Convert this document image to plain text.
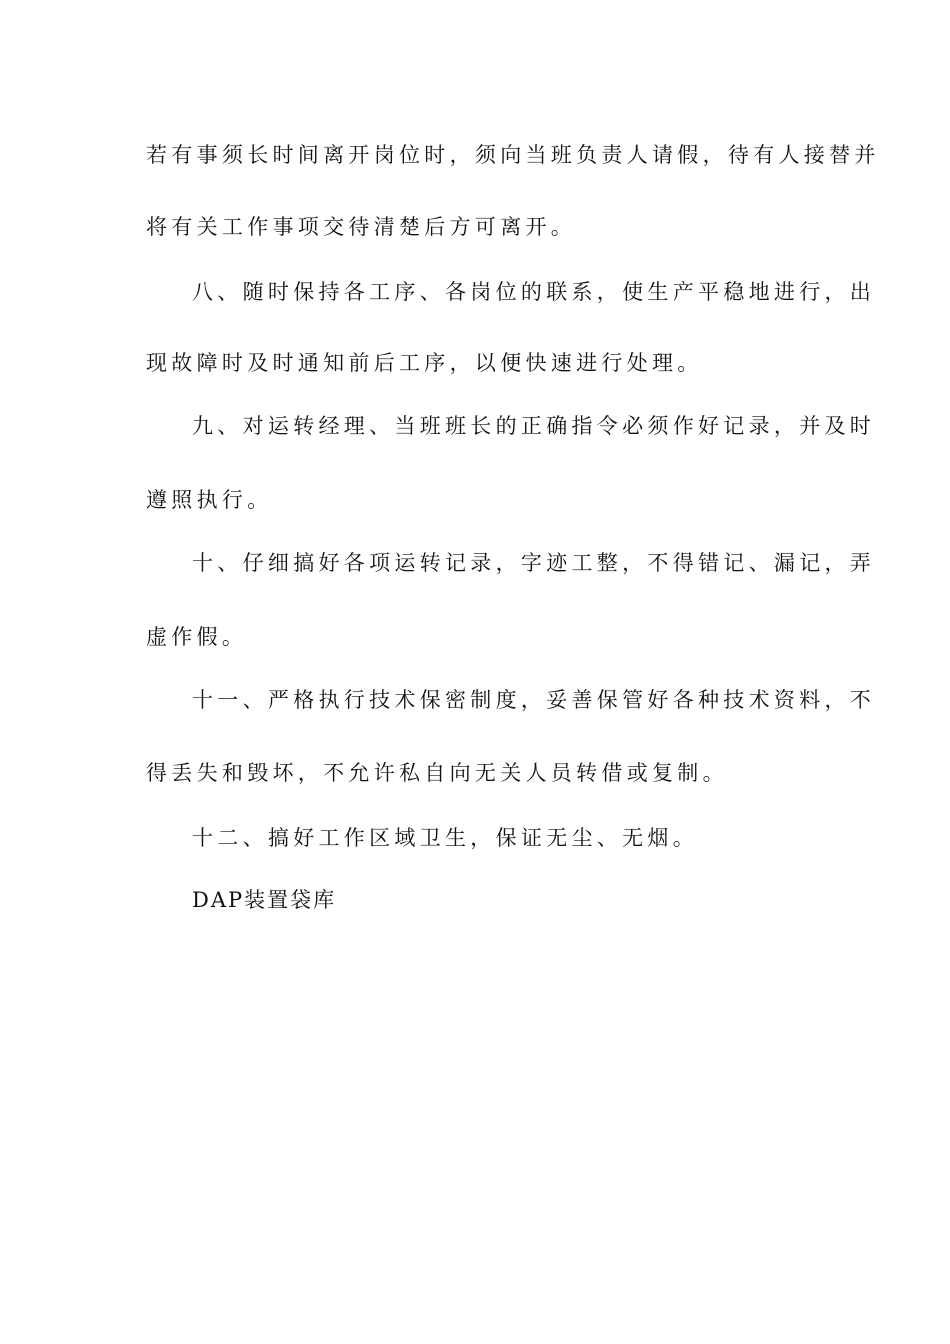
若有事须长时间离开岗位时，须向当班负责人请假，待有人接替并
将有关工作事项交待清楚后方可离开。
八、随时保持各工序、各岗位的联系，使生产平稳地进行，出
现故障时及时通知前后工序，以便快速进行处理。
九、对运转经理、当班班长的正确指令必须作好记录，并及时
遵照执行。
十、仔细搞好各项运转记录，字迹工整，不得错记、漏记，弄
虚作假。
十一、严格执行技术保密制度，妥善保管好各种技术资料，不
得丢失和毁坏，不允许私自向无关人员转借或复制。
十二、搞好工作区域卫生，保证无尘、无烟。
DAP装置袋库
